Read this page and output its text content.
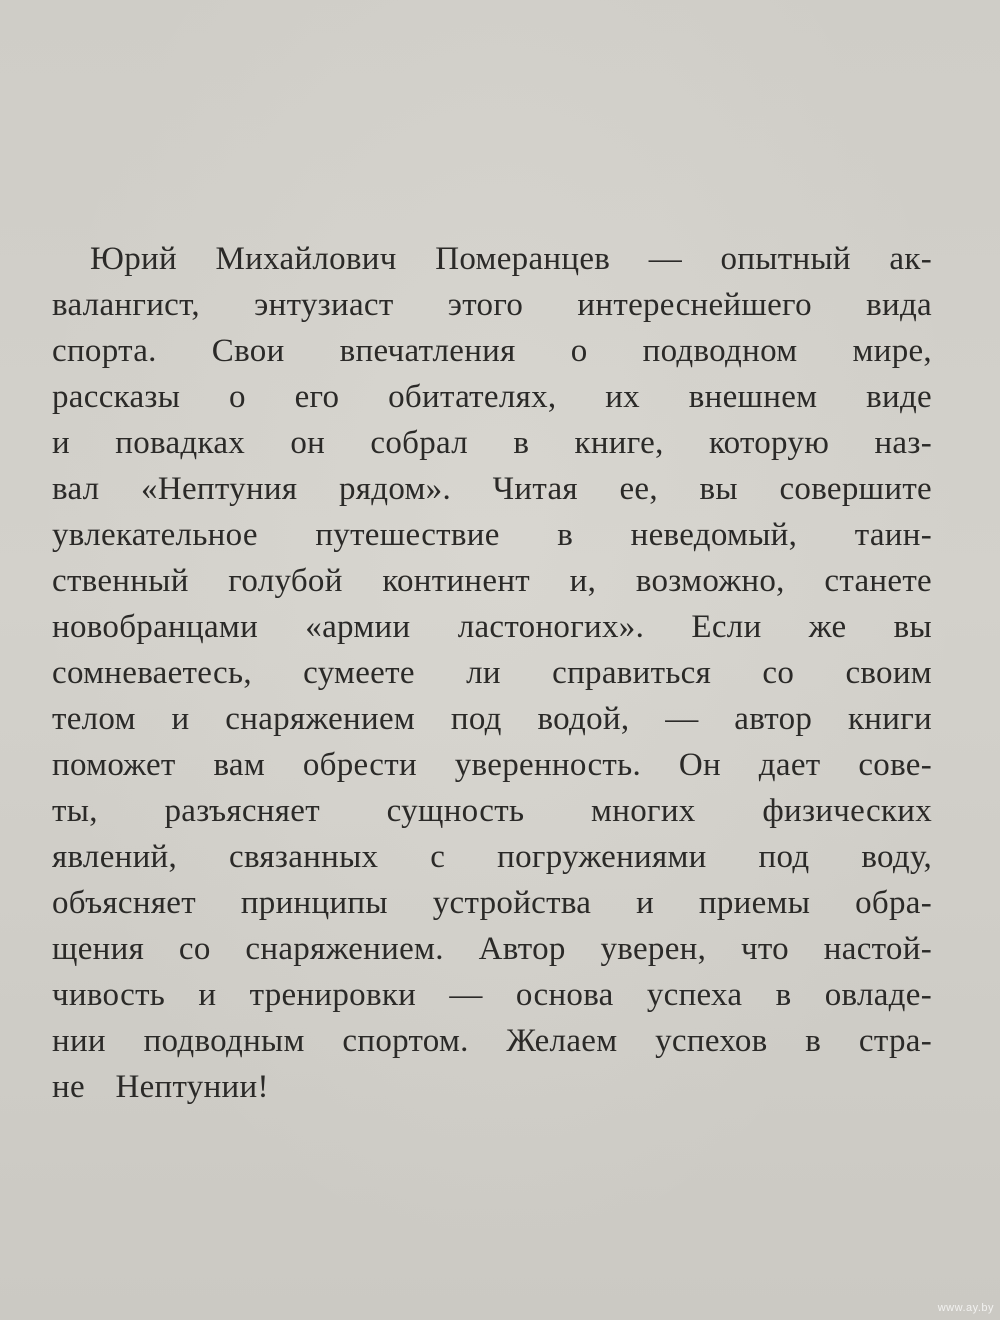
Юрий Михайлович Померанцев — опытный ак-
валангист, энтузиаст этого интереснейшего вида
спорта. Свои впечатления о подводном мире,
рассказы о его обитателях, их внешнем виде
и повадках он собрал в книге, которую наз-
вал «Нептуния рядом». Читая ее, вы совершите
увлекательное путешествие в неведомый, таин-
ственный голубой континент и, возможно, станете
новобранцами «армии ластоногих». Если же вы
сомневаетесь, сумеете ли справиться со своим
телом и снаряжением под водой, — автор книги
поможет вам обрести уверенность. Он дает сове-
ты, разъясняет сущность многих физических
явлений, связанных с погружениями под воду,
объясняет принципы устройства и приемы обра-
щения со снаряжением. Автор уверен, что настой-
чивость и тренировки — основа успеха в овладе-
нии подводным спортом. Желаем успехов в стра-
не Нептунии!
www.ay.by
